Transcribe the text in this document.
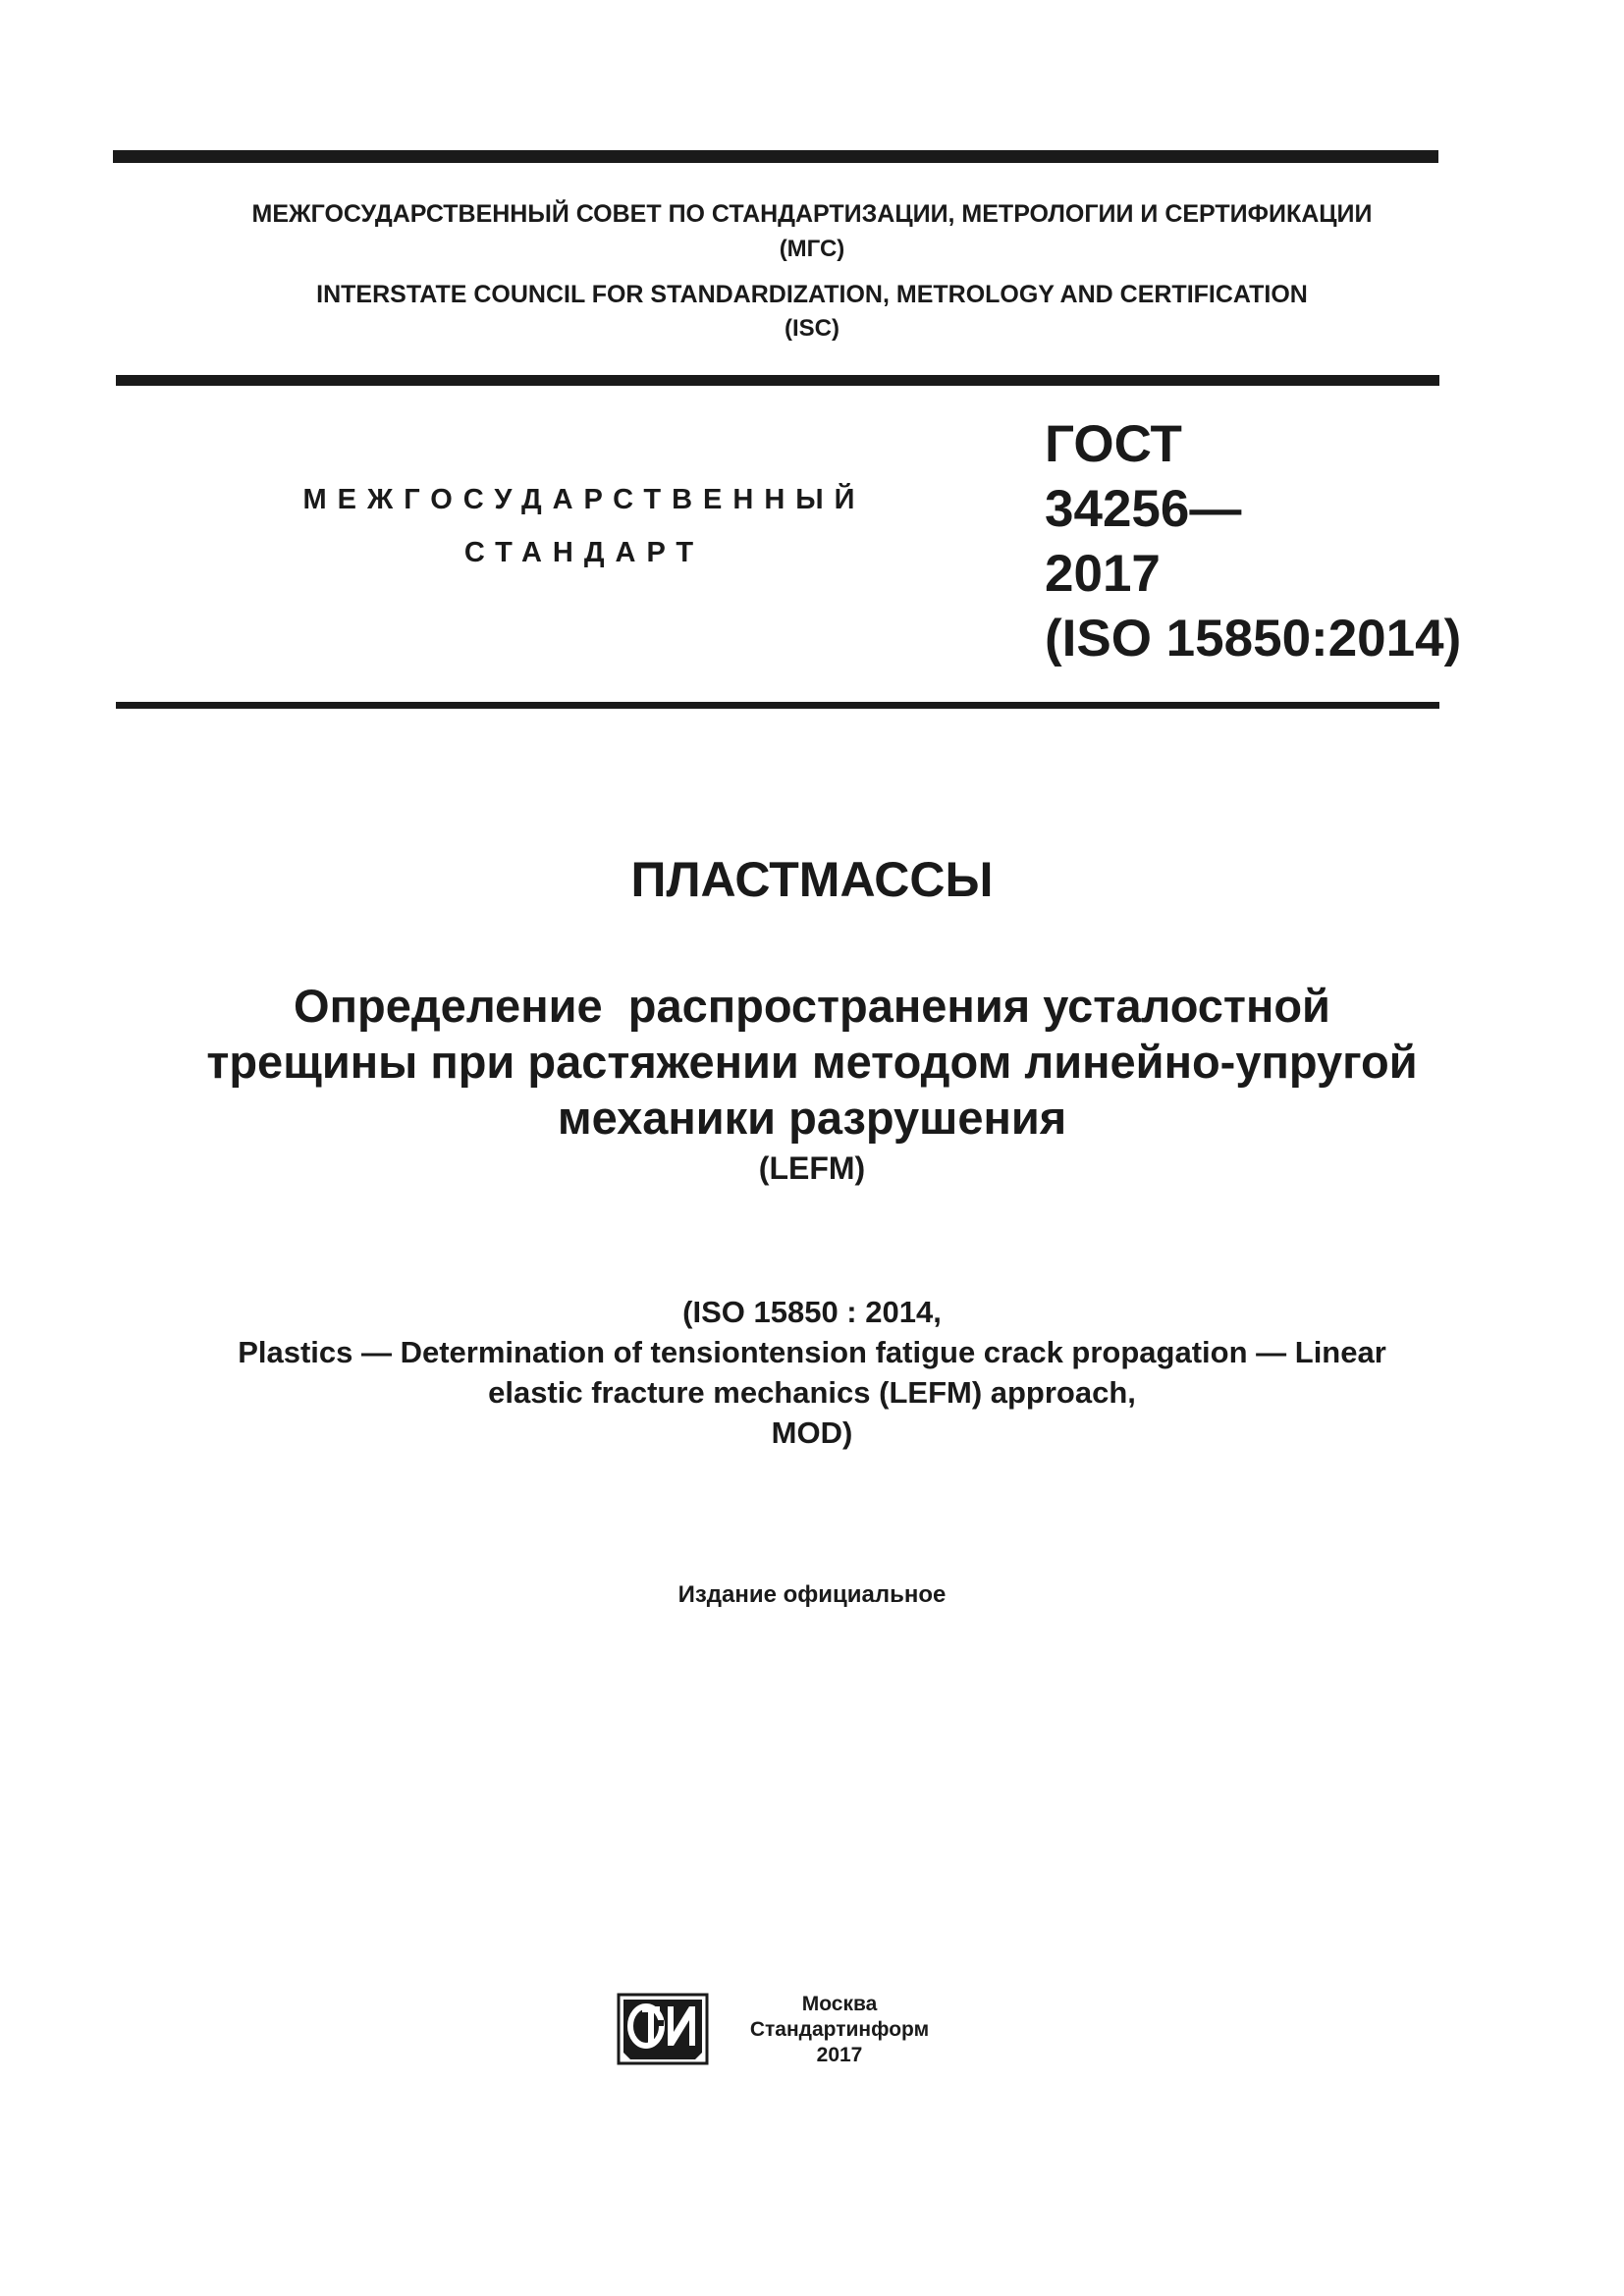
МЕЖГОСУДАРСТВЕННЫЙ СОВЕТ ПО СТАНДАРТИЗАЦИИ, МЕТРОЛОГИИ И СЕРТИФИКАЦИИ
(МГС)
INTERSTATE COUNCIL FOR STANDARDIZATION, METROLOGY AND CERTIFICATION
(ISC)
МЕЖГОСУДАРСТВЕННЫЙ
СТАНДАРТ
ГОСТ
34256—
2017
(ISO 15850:2014)
ПЛАСТМАССЫ
Определение  распространения усталостной
трещины при растяжении методом линейно-упругой
механики разрушения
(LEFM)
(ISO 15850 : 2014,
Plastics — Determination of tensiontension fatigue crack propagation — Linear
elastic fracture mechanics (LEFM) approach,
MOD)
Издание официальное
Москва
Стандартинформ
2017
